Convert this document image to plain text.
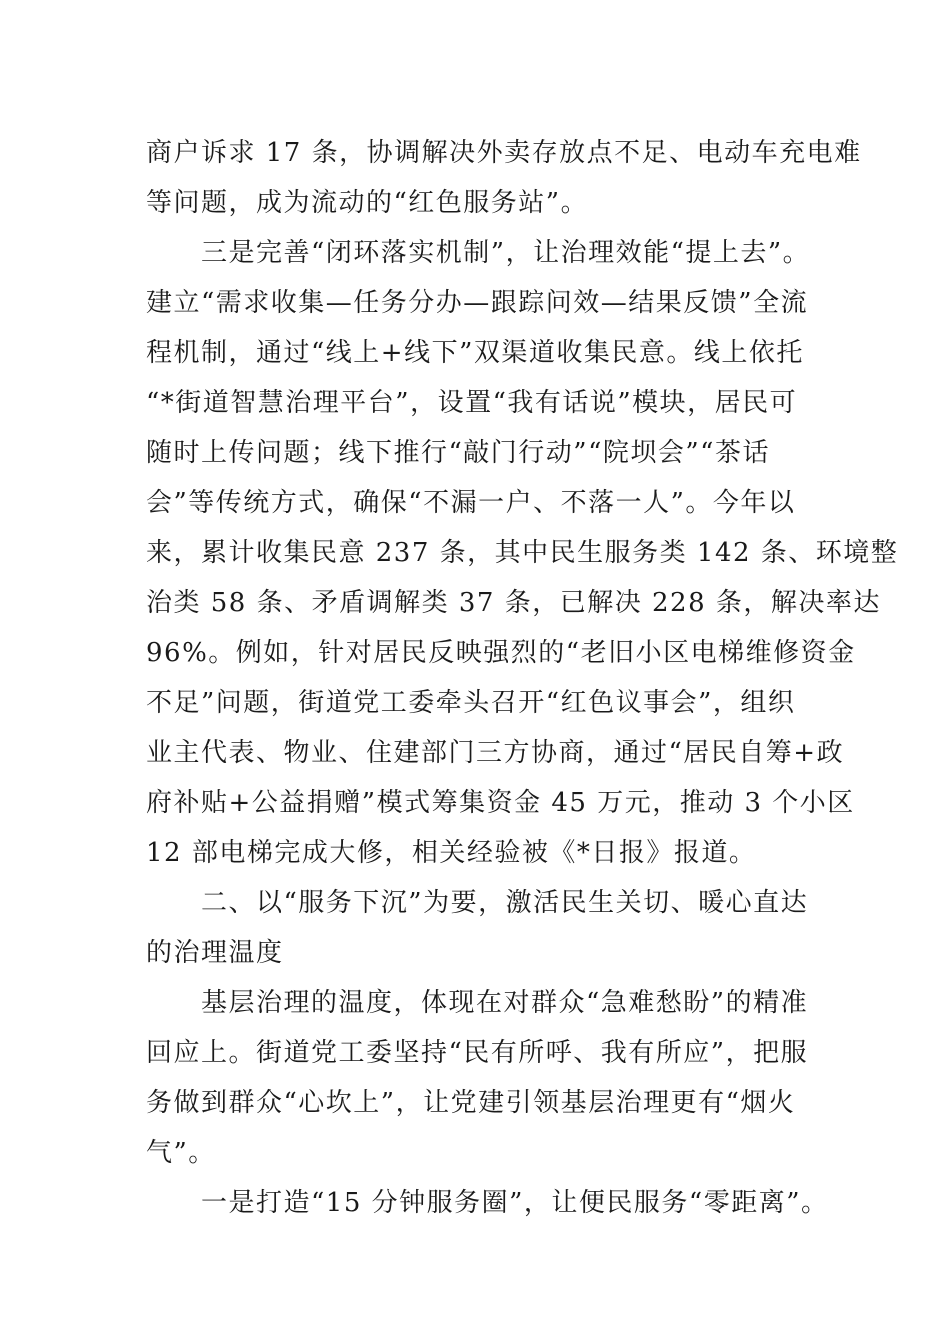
商户诉求 17 条，协调解决外卖存放点不足、电动车充电难
等问题，成为流动的“红色服务站”。
　　三是完善“闭环落实机制”，让治理效能“提上去”。
建立“需求收集—任务分办—跟踪问效—结果反馈”全流
程机制，通过“线上+线下”双渠道收集民意。线上依托
“*街道智慧治理平台”，设置“我有话说”模块，居民可
随时上传问题；线下推行“敲门行动”“院坝会”“茶话
会”等传统方式，确保“不漏一户、不落一人”。今年以
来，累计收集民意 237 条，其中民生服务类 142 条、环境整
治类 58 条、矛盾调解类 37 条，已解决 228 条，解决率达
96%。例如，针对居民反映强烈的“老旧小区电梯维修资金
不足”问题，街道党工委牵头召开“红色议事会”，组织
业主代表、物业、住建部门三方协商，通过“居民自筹+政
府补贴+公益捐赠”模式筹集资金 45 万元，推动 3 个小区
12 部电梯完成大修，相关经验被《*日报》报道。
　　二、以“服务下沉”为要，激活民生关切、暖心直达
的治理温度
　　基层治理的温度，体现在对群众“急难愁盼”的精准
回应上。街道党工委坚持“民有所呼、我有所应”，把服
务做到群众“心坎上”，让党建引领基层治理更有“烟火
气”。
　　一是打造“15 分钟服务圈”，让便民服务“零距离”。
